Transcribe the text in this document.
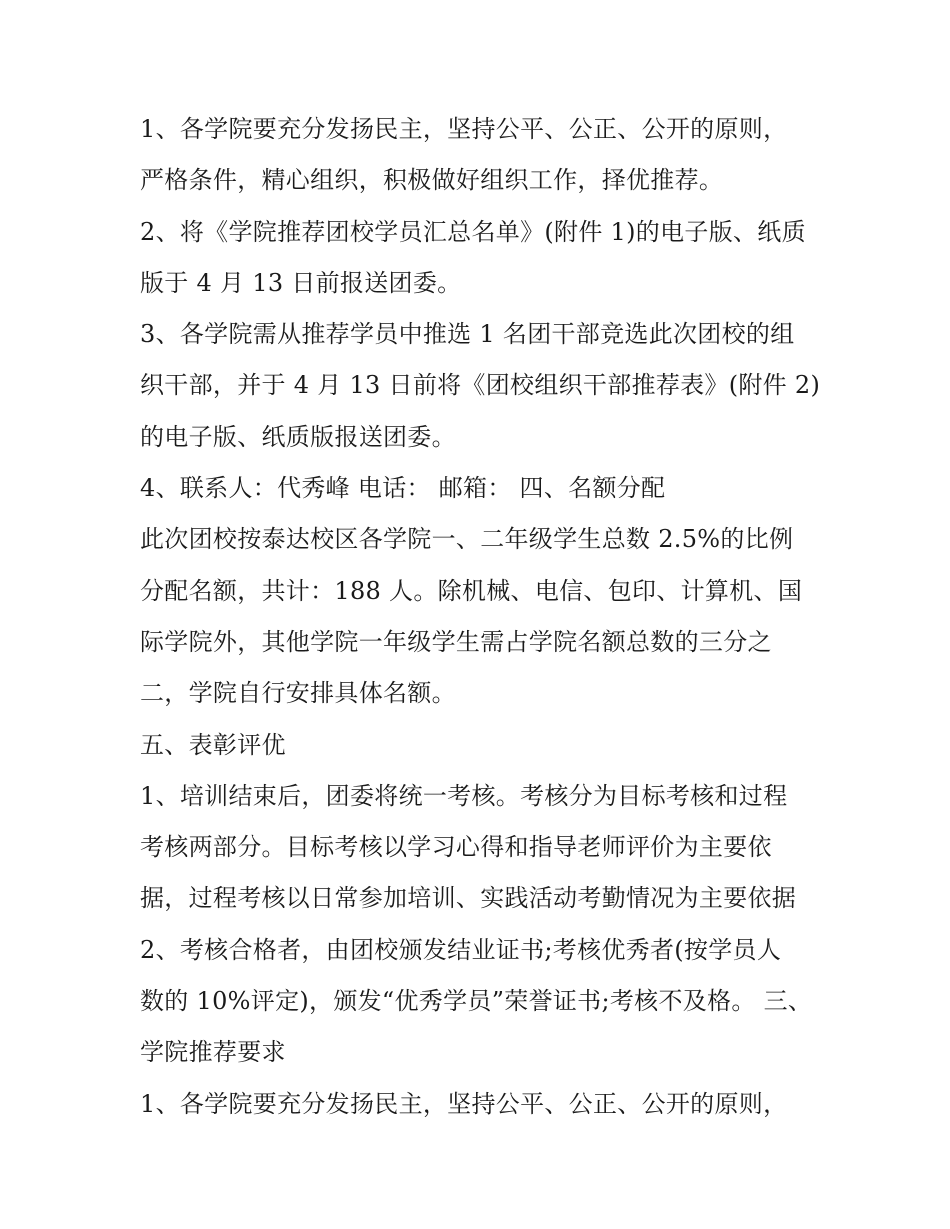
1、各学院要充分发扬民主，坚持公平、公正、公开的原则，
严格条件，精心组织，积极做好组织工作，择优推荐。
2、将《学院推荐团校学员汇总名单》(附件 1)的电子版、纸质
版于 4 月 13 日前报送团委。
3、各学院需从推荐学员中推选 1 名团干部竞选此次团校的组
织干部，并于 4 月 13 日前将《团校组织干部推荐表》(附件 2)
的电子版、纸质版报送团委。
4、联系人：代秀峰 电话： 邮箱： 四、名额分配
此次团校按泰达校区各学院一、二年级学生总数 2.5%的比例
分配名额，共计：188 人。除机械、电信、包印、计算机、国
际学院外，其他学院一年级学生需占学院名额总数的三分之
二，学院自行安排具体名额。
五、表彰评优
1、培训结束后，团委将统一考核。考核分为目标考核和过程
考核两部分。目标考核以学习心得和指导老师评价为主要依
据，过程考核以日常参加培训、实践活动考勤情况为主要依据
2、考核合格者，由团校颁发结业证书;考核优秀者(按学员人
数的 10%评定)，颁发“优秀学员”荣誉证书;考核不及格。 三、
学院推荐要求
1、各学院要充分发扬民主，坚持公平、公正、公开的原则，
